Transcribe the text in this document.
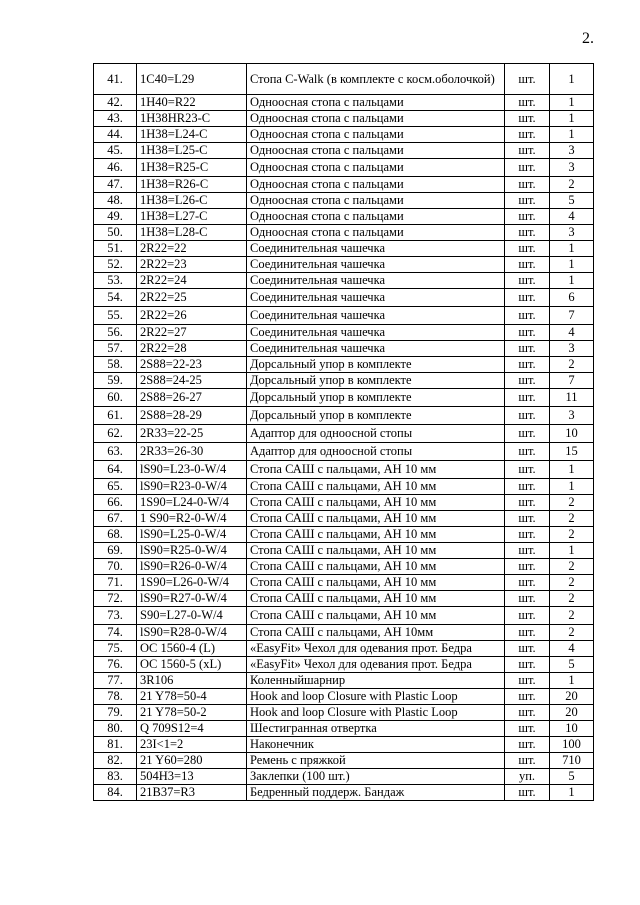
2.
41.	1C40=L29	Стопа C-Walk (в комплекте с косм.оболочкой)	шт.	1
42.	1H40=R22	Одноосная стопа с пальцами	шт.	1
43.	1H38HR23-C	Одноосная стопа с пальцами	шт.	1
44.	1H38=L24-C	Одноосная стопа с пальцами	шт.	1
45.	1H38=L25-C	Одноосная стопа с пальцами	шт.	3
46.	1H38=R25-C	Одноосная стопа с пальцами	шт.	3
47.	1H38=R26-C	Одноосная стопа с пальцами	шт.	2
48.	1H38=L26-C	Одноосная стопа с пальцами	шт.	5
49.	1H38=L27-C	Одноосная стопа с пальцами	шт.	4
50.	1H38=L28-C	Одноосная стопа с пальцами	шт.	3
51.	2R22=22	Соединительная чашечка	шт.	1
52.	2R22=23	Соединительная чашечка	шт.	1
53.	2R22=24	Соединительная чашечка	шт.	1
54.	2R22=25	Соединительная чашечка	шт.	6
55.	2R22=26	Соединительная чашечка	шт.	7
56.	2R22=27	Соединительная чашечка	шт.	4
57.	2R22=28	Соединительная чашечка	шт.	3
58.	2S88=22-23	Дорсальный упор в комплекте	шт.	2
59.	2S88=24-25	Дорсальный упор в комплекте	шт.	7
60.	2S88=26-27	Дорсальный упор в комплекте	шт.	11
61.	2S88=28-29	Дорсальный упор в комплекте	шт.	3
62.	2R33=22-25	Адаптор для одноосной стопы	шт.	10
63.	2R33=26-30	Адаптор для одноосной стопы	шт.	15
64.	lS90=L23-0-W/4	Стопа САШ с пальцами, АН 10 мм	шт.	1
65.	lS90=R23-0-W/4	Стопа САШ с пальцами, АН 10 мм	шт.	1
66.	1S90=L24-0-W/4	Стопа САШ с пальцами, АН 10 мм	шт.	2
67.	1 S90=R2-0-W/4	Стопа САШ с пальцами, АН 10 мм	шт.	2
68.	lS90=L25-0-W/4	Стопа САШ с пальцами, АН 10 мм	шт.	2
69.	lS90=R25-0-W/4	Стопа САШ с пальцами, АН 10 мм	шт.	1
70.	lS90=R26-0-W/4	Стопа САШ с пальцами, АН 10 мм	шт.	2
71.	1S90=L26-0-W/4	Стопа САШ с пальцами, АН 10 мм	шт.	2
72.	lS90=R27-0-W/4	Стопа САШ с пальцами, АН 10 мм	шт.	2
73.	S90=L27-0-W/4	Стопа САШ с пальцами, АН 10 мм	шт.	2
74.	lS90=R28-0-W/4	Стопа САШ с пальцами, АН 10мм	шт.	2
75.	OC 1560-4 (L)	«EasyFit» Чехол для одевания прот. Бедра	шт.	4
76.	OC 1560-5 (xL)	«EasyFit» Чехол для одевания прот. Бедра	шт.	5
77.	3R106	Коленныйшарнир	шт.	1
78.	21 Y78=50-4	Hook and loop Closure with Plastic Loop	шт.	20
79.	21 Y78=50-2	Hook and loop Closure with Plastic Loop	шт.	20
80.	Q 709S12=4	Шестигранная отвертка	шт.	10
81.	23I<1=2	Наконечник	шт.	100
82.	21 Y60=280	Ремень с пряжкой	шт.	710
83.	504H3=13	Заклепки (100 шт.)	уп.	5
84.	21B37=R3	Бедренный поддерж. Бандаж	шт.	1
